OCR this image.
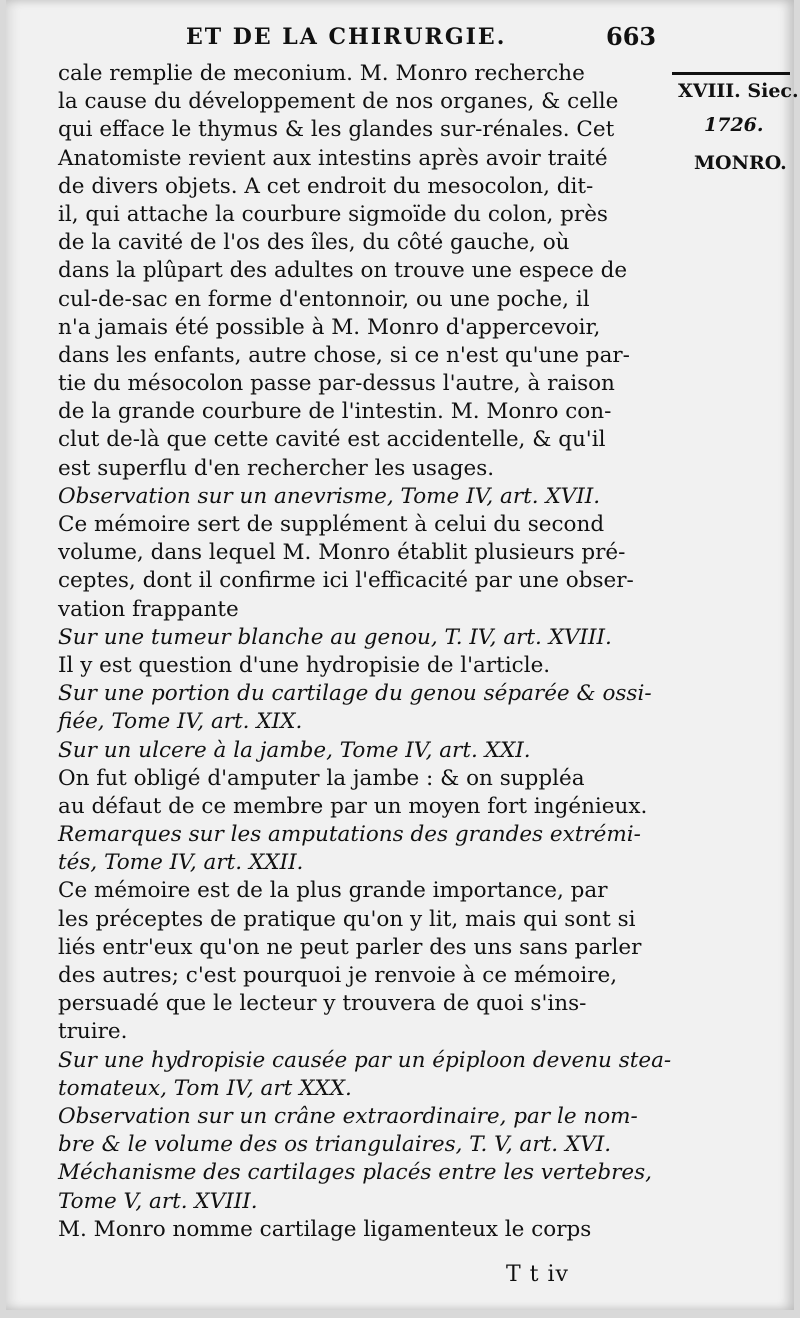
ET DE LA CHIRURGIE.	663
cale remplie de meconium. M. Monro recherche
la cause du développement de nos organes, & celle
qui efface le thymus & les glandes sur-rénales. Cet
Anatomiste revient aux intestins après avoir traité
de divers objets. A cet endroit du mesocolon, dit-
il, qui attache la courbure sigmoïde du colon, près
de la cavité de l'os des îles, du côté gauche, où
dans la plûpart des adultes on trouve une espece de
cul-de-sac en forme d'entonnoir, ou une poche, il
n'a jamais été possible à M. Monro d'appercevoir,
dans les enfants, autre chose, si ce n'est qu'une par-
tie du mésocolon passe par-dessus l'autre, à raison
de la grande courbure de l'intestin. M. Monro con-
clut de-là que cette cavité est accidentelle, & qu'il
est superflu d'en rechercher les usages.
Observation sur un anevrisme, Tome IV, art. XVII.
Ce mémoire sert de supplément à celui du second
volume, dans lequel M. Monro établit plusieurs pré-
ceptes, dont il confirme ici l'efficacité par une obser-
vation frappante
Sur une tumeur blanche au genou, T. IV, art. XVIII.
Il y est question d'une hydropisie de l'article.
Sur une portion du cartilage du genou séparée & ossi-
fiée, Tome IV, art. XIX.
Sur un ulcere à la jambe, Tome IV, art. XXI.
On fut obligé d'amputer la jambe : & on suppléa
au défaut de ce membre par un moyen fort ingénieux.
Remarques sur les amputations des grandes extrémi-
tés, Tome IV, art. XXII.
Ce mémoire est de la plus grande importance, par
les préceptes de pratique qu'on y lit, mais qui sont si
liés entr'eux qu'on ne peut parler des uns sans parler
des autres; c'est pourquoi je renvoie à ce mémoire,
persuadé que le lecteur y trouvera de quoi s'ins-
truire.
Sur une hydropisie causée par un épiploon devenu stea-
tomateux, Tom IV, art XXX.
Observation sur un crâne extraordinaire, par le nom-
bre & le volume des os triangulaires, T. V, art. XVI.
Méchanisme des cartilages placés entre les vertebres,
Tome V, art. XVIII.
M. Monro nomme cartilage ligamenteux le corps
XVIII. Siec.
1726.
MONRO.
T t iv
